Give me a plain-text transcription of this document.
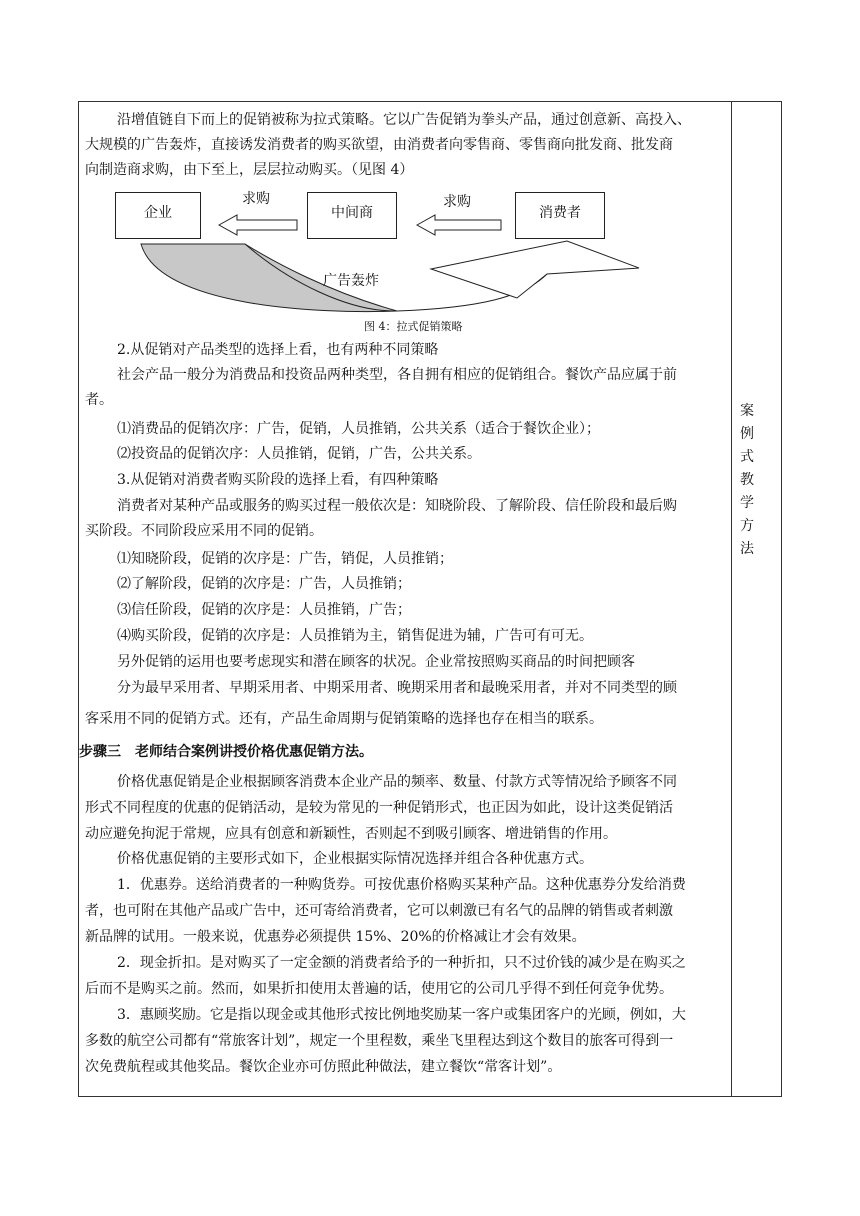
沿增值链自下而上的促销被称为拉式策略。它以广告促销为拳头产品，通过创意新、高投入、
大规模的广告轰炸，直接诱发消费者的购买欲望，由消费者向零售商、零售商向批发商、批发商
向制造商求购，由下至上，层层拉动购买。（见图 4）
企业	中间商	消费者
求购	求购
广告轰炸
图 4：拉式促销策略
2.从促销对产品类型的选择上看，也有两种不同策略
社会产品一般分为消费品和投资品两种类型，各自拥有相应的促销组合。餐饮产品应属于前
者。
⑴消费品的促销次序：广告，促销，人员推销，公共关系（适合于餐饮企业）；
⑵投资品的促销次序：人员推销，促销，广告，公共关系。
3.从促销对消费者购买阶段的选择上看，有四种策略
消费者对某种产品或服务的购买过程一般依次是：知晓阶段、了解阶段、信任阶段和最后购
买阶段。不同阶段应采用不同的促销。
⑴知晓阶段，促销的次序是：广告，销促，人员推销；
⑵了解阶段，促销的次序是：广告，人员推销；
⑶信任阶段，促销的次序是：人员推销，广告；
⑷购买阶段，促销的次序是：人员推销为主，销售促进为辅，广告可有可无。
另外促销的运用也要考虑现实和潜在顾客的状况。企业常按照购买商品的时间把顾客
分为最早采用者、早期采用者、中期采用者、晚期采用者和最晚采用者，并对不同类型的顾
客采用不同的促销方式。还有，产品生命周期与促销策略的选择也存在相当的联系。
步骤三　老师结合案例讲授价格优惠促销方法。
价格优惠促销是企业根据顾客消费本企业产品的频率、数量、付款方式等情况给予顾客不同
形式不同程度的优惠的促销活动，是较为常见的一种促销形式，也正因为如此，设计这类促销活
动应避免拘泥于常规，应具有创意和新颖性，否则起不到吸引顾客、增进销售的作用。
价格优惠促销的主要形式如下，企业根据实际情况选择并组合各种优惠方式。
1．优惠券。送给消费者的一种购货券。可按优惠价格购买某种产品。这种优惠券分发给消费
者，也可附在其他产品或广告中，还可寄给消费者，它可以刺激已有名气的品牌的销售或者刺激
新品牌的试用。一般来说，优惠券必须提供 15%、20%的价格减让才会有效果。
2．现金折扣。是对购买了一定金额的消费者给予的一种折扣，只不过价钱的减少是在购买之
后而不是购买之前。然而，如果折扣使用太普遍的话，使用它的公司几乎得不到任何竞争优势。
3．惠顾奖励。它是指以现金或其他形式按比例地奖励某一客户或集团客户的光顾，例如，大
多数的航空公司都有“常旅客计划”，规定一个里程数，乘坐飞里程达到这个数目的旅客可得到一
次免费航程或其他奖品。餐饮企业亦可仿照此种做法，建立餐饮“常客计划”。
案例式教学方法
